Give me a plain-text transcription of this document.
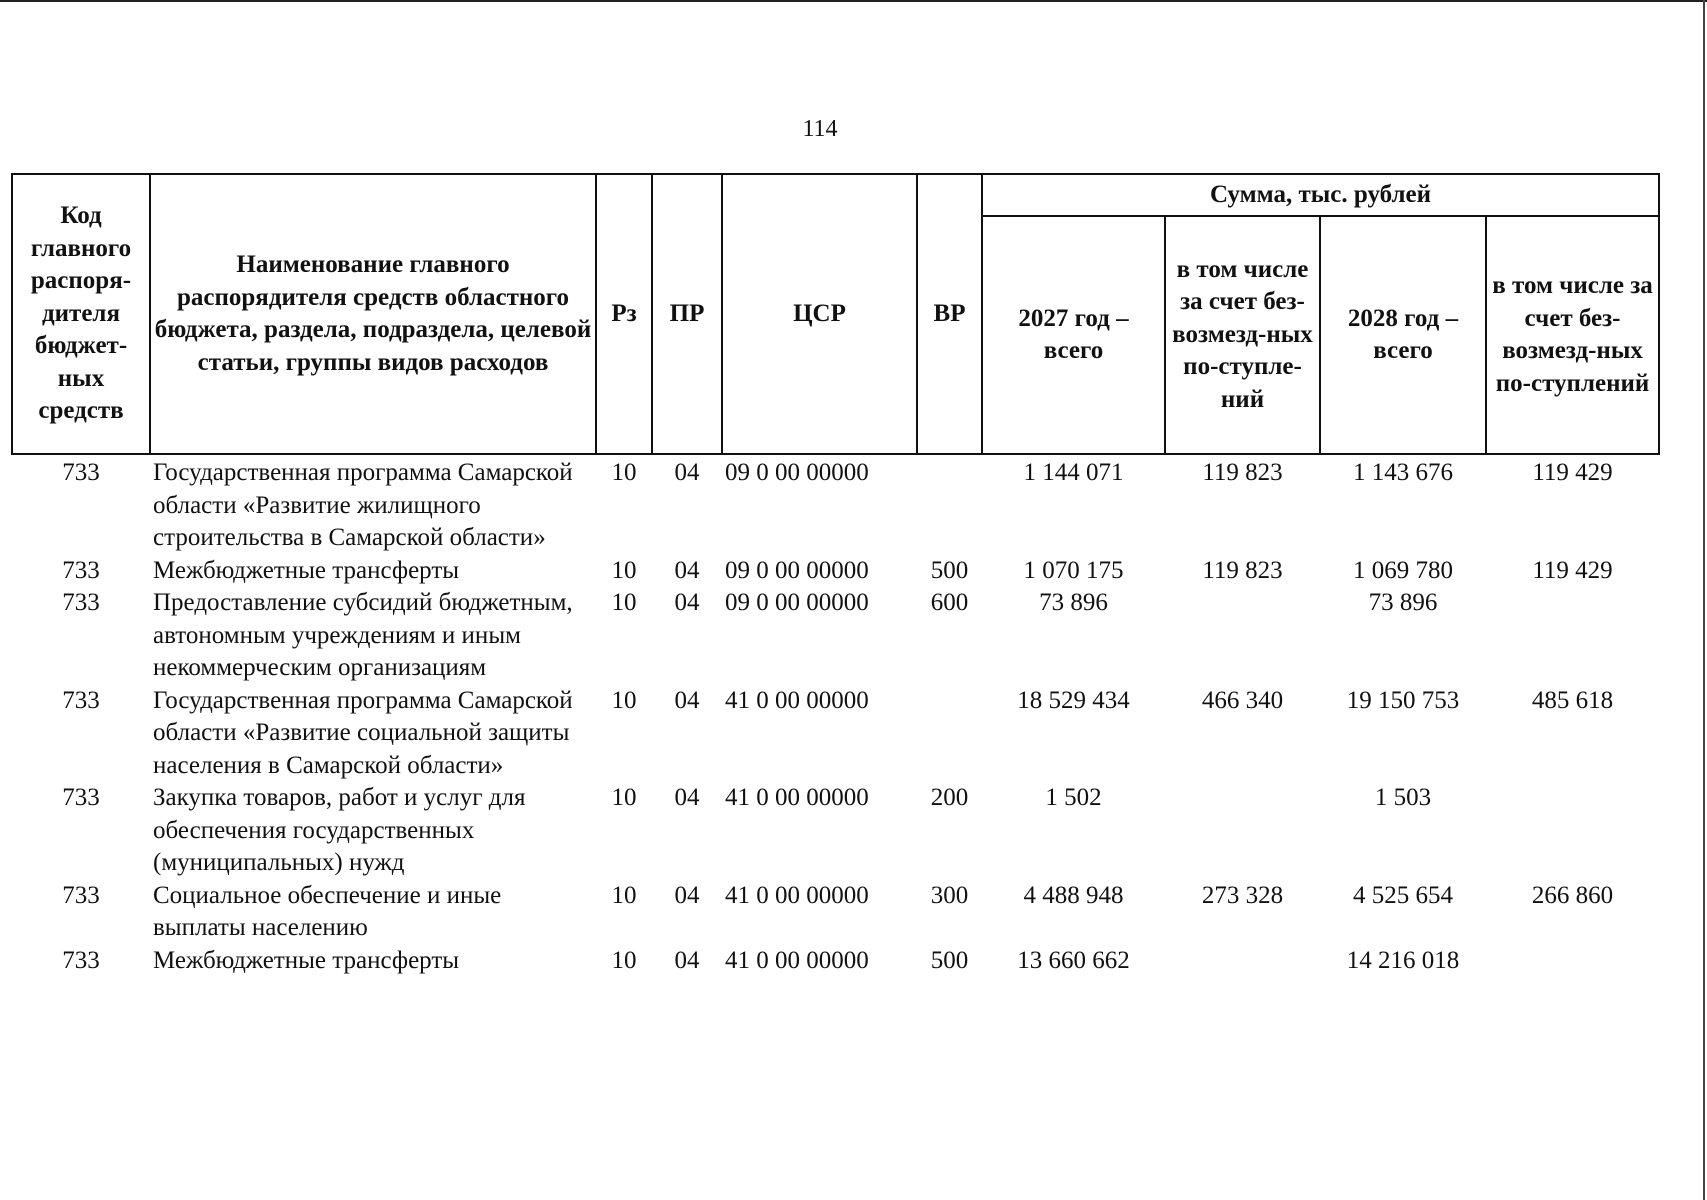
114
Код главного распоря-дителя бюджет-ных средств	Наименование главного распорядителя средств областного бюджета, раздела, подраздела, целевой статьи, группы видов расходов	Рз	ПР	ЦСР	ВР	Сумма, тыс. рублей			
						2027 год – всего	в том числе за счет без-возмезд-ных по-ступле-ний	2028 год – всего	в том числе за счет без-возмезд-ных по-ступлений
733	Государственная программа Самарской области «Развитие жилищного строительства в Самарской области»	10	04	09 0 00 00000		1 144 071	119 823	1 143 676	119 429
733	Межбюджетные трансферты	10	04	09 0 00 00000	500	1 070 175	119 823	1 069 780	119 429
733	Предоставление субсидий бюджетным, автономным учреждениям и иным некоммерческим организациям	10	04	09 0 00 00000	600	73 896		73 896	
733	Государственная программа Самарской области «Развитие социальной защиты населения в Самарской области»	10	04	41 0 00 00000		18 529 434	466 340	19 150 753	485 618
733	Закупка товаров, работ и услуг для обеспечения государственных (муниципальных) нужд	10	04	41 0 00 00000	200	1 502		1 503	
733	Социальное обеспечение и иные выплаты населению	10	04	41 0 00 00000	300	4 488 948	273 328	4 525 654	266 860
733	Межбюджетные трансферты	10	04	41 0 00 00000	500	13 660 662		14 216 018	
